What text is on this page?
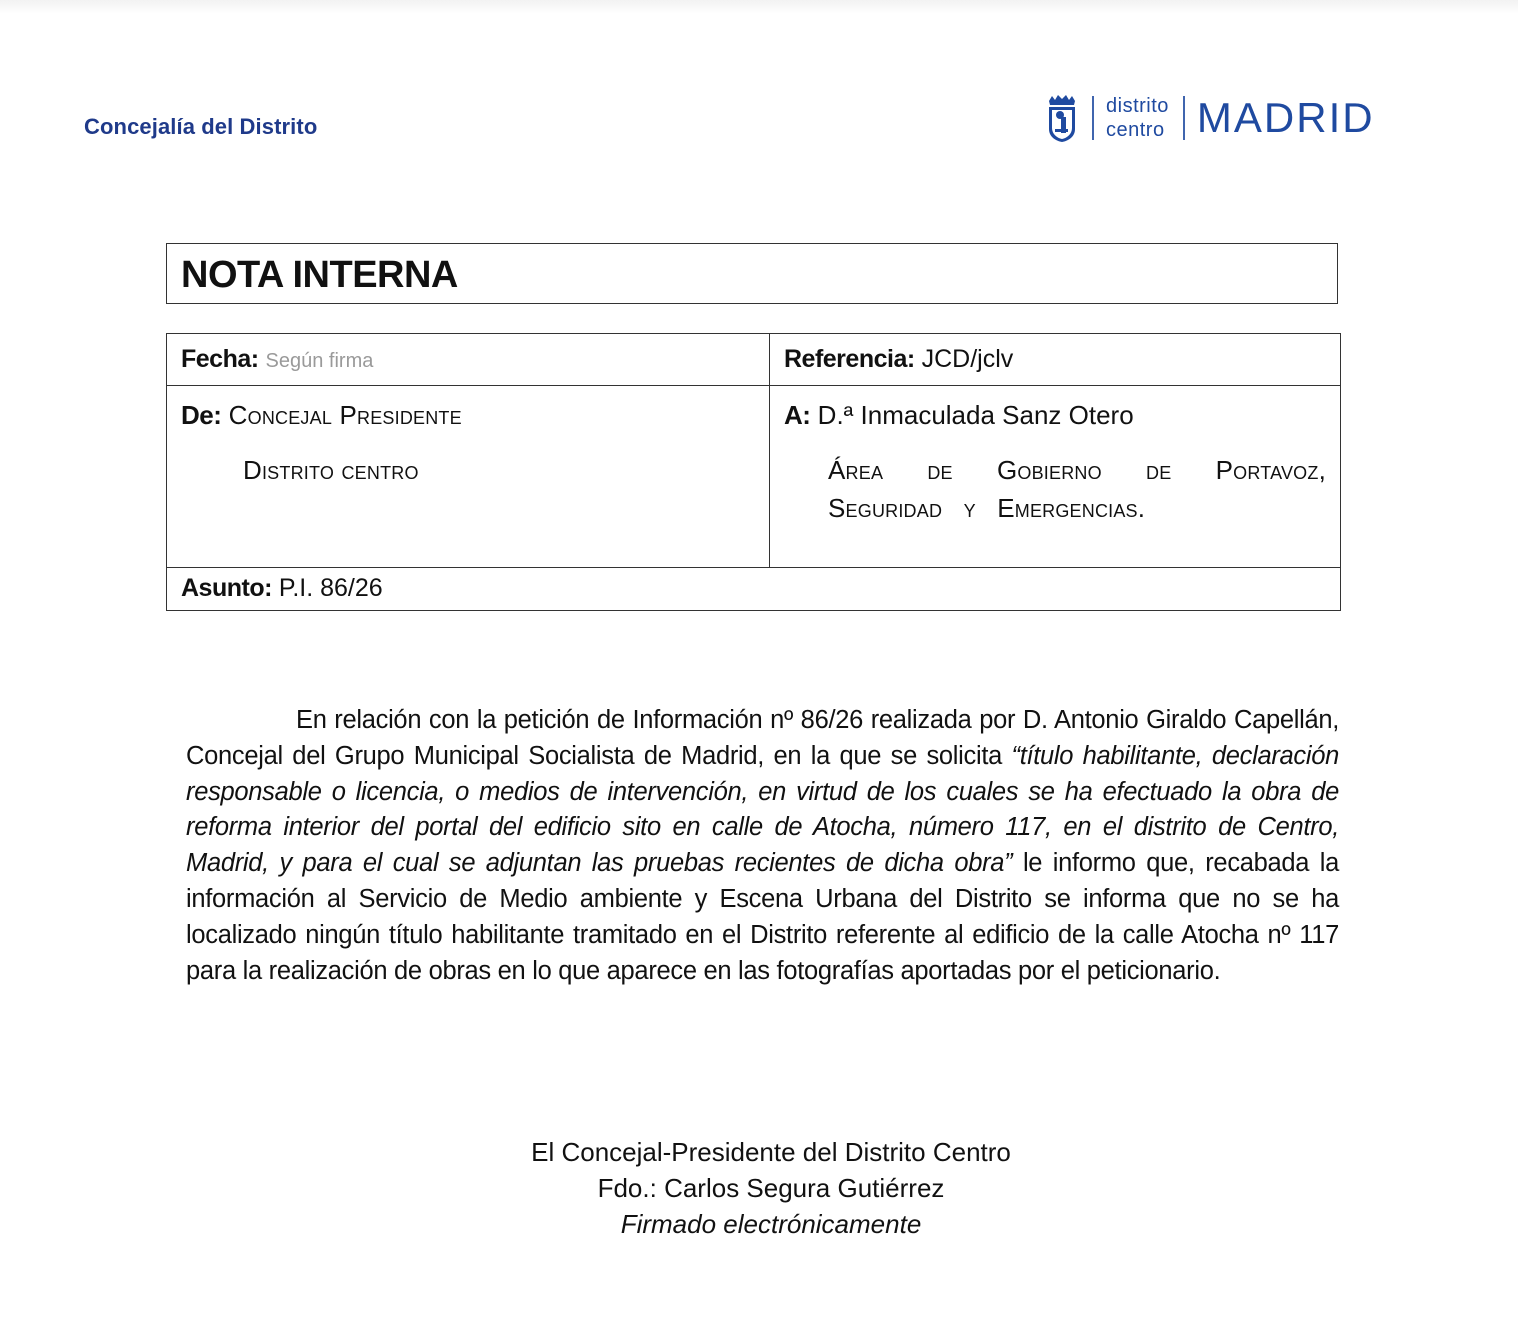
Concejalía del Distrito
distrito
centro MADRID
NOTA INTERNA
Fecha: Según firma	Referencia: JCD/jclv

De: Concejal Presidente
Distrito centro

A: D.ª Inmaculada Sanz Otero
Área de Gobierno de Portavoz, Seguridad y Emergencias.

Asunto: P.I. 86/26	
En relación con la petición de Información nº 86/26 realizada por D. Antonio Giraldo Capellán, Concejal del Grupo Municipal Socialista de Madrid, en la que se solicita “título habilitante, declaración responsable o licencia, o medios de intervención, en virtud de los cuales se ha efectuado la obra de reforma interior del portal del edificio sito en calle de Atocha, número 117, en el distrito de Centro, Madrid, y para el cual se adjuntan las pruebas recientes de dicha obra” le informo que, recabada la información al Servicio de Medio ambiente y Escena Urbana del Distrito se informa que no se ha localizado ningún título habilitante tramitado en el Distrito referente al edificio de la calle Atocha nº 117 para la realización de obras en lo que aparece en las fotografías aportadas por el peticionario.
El Concejal-Presidente del Distrito Centro
Fdo.: Carlos Segura Gutiérrez
Firmado electrónicamente
